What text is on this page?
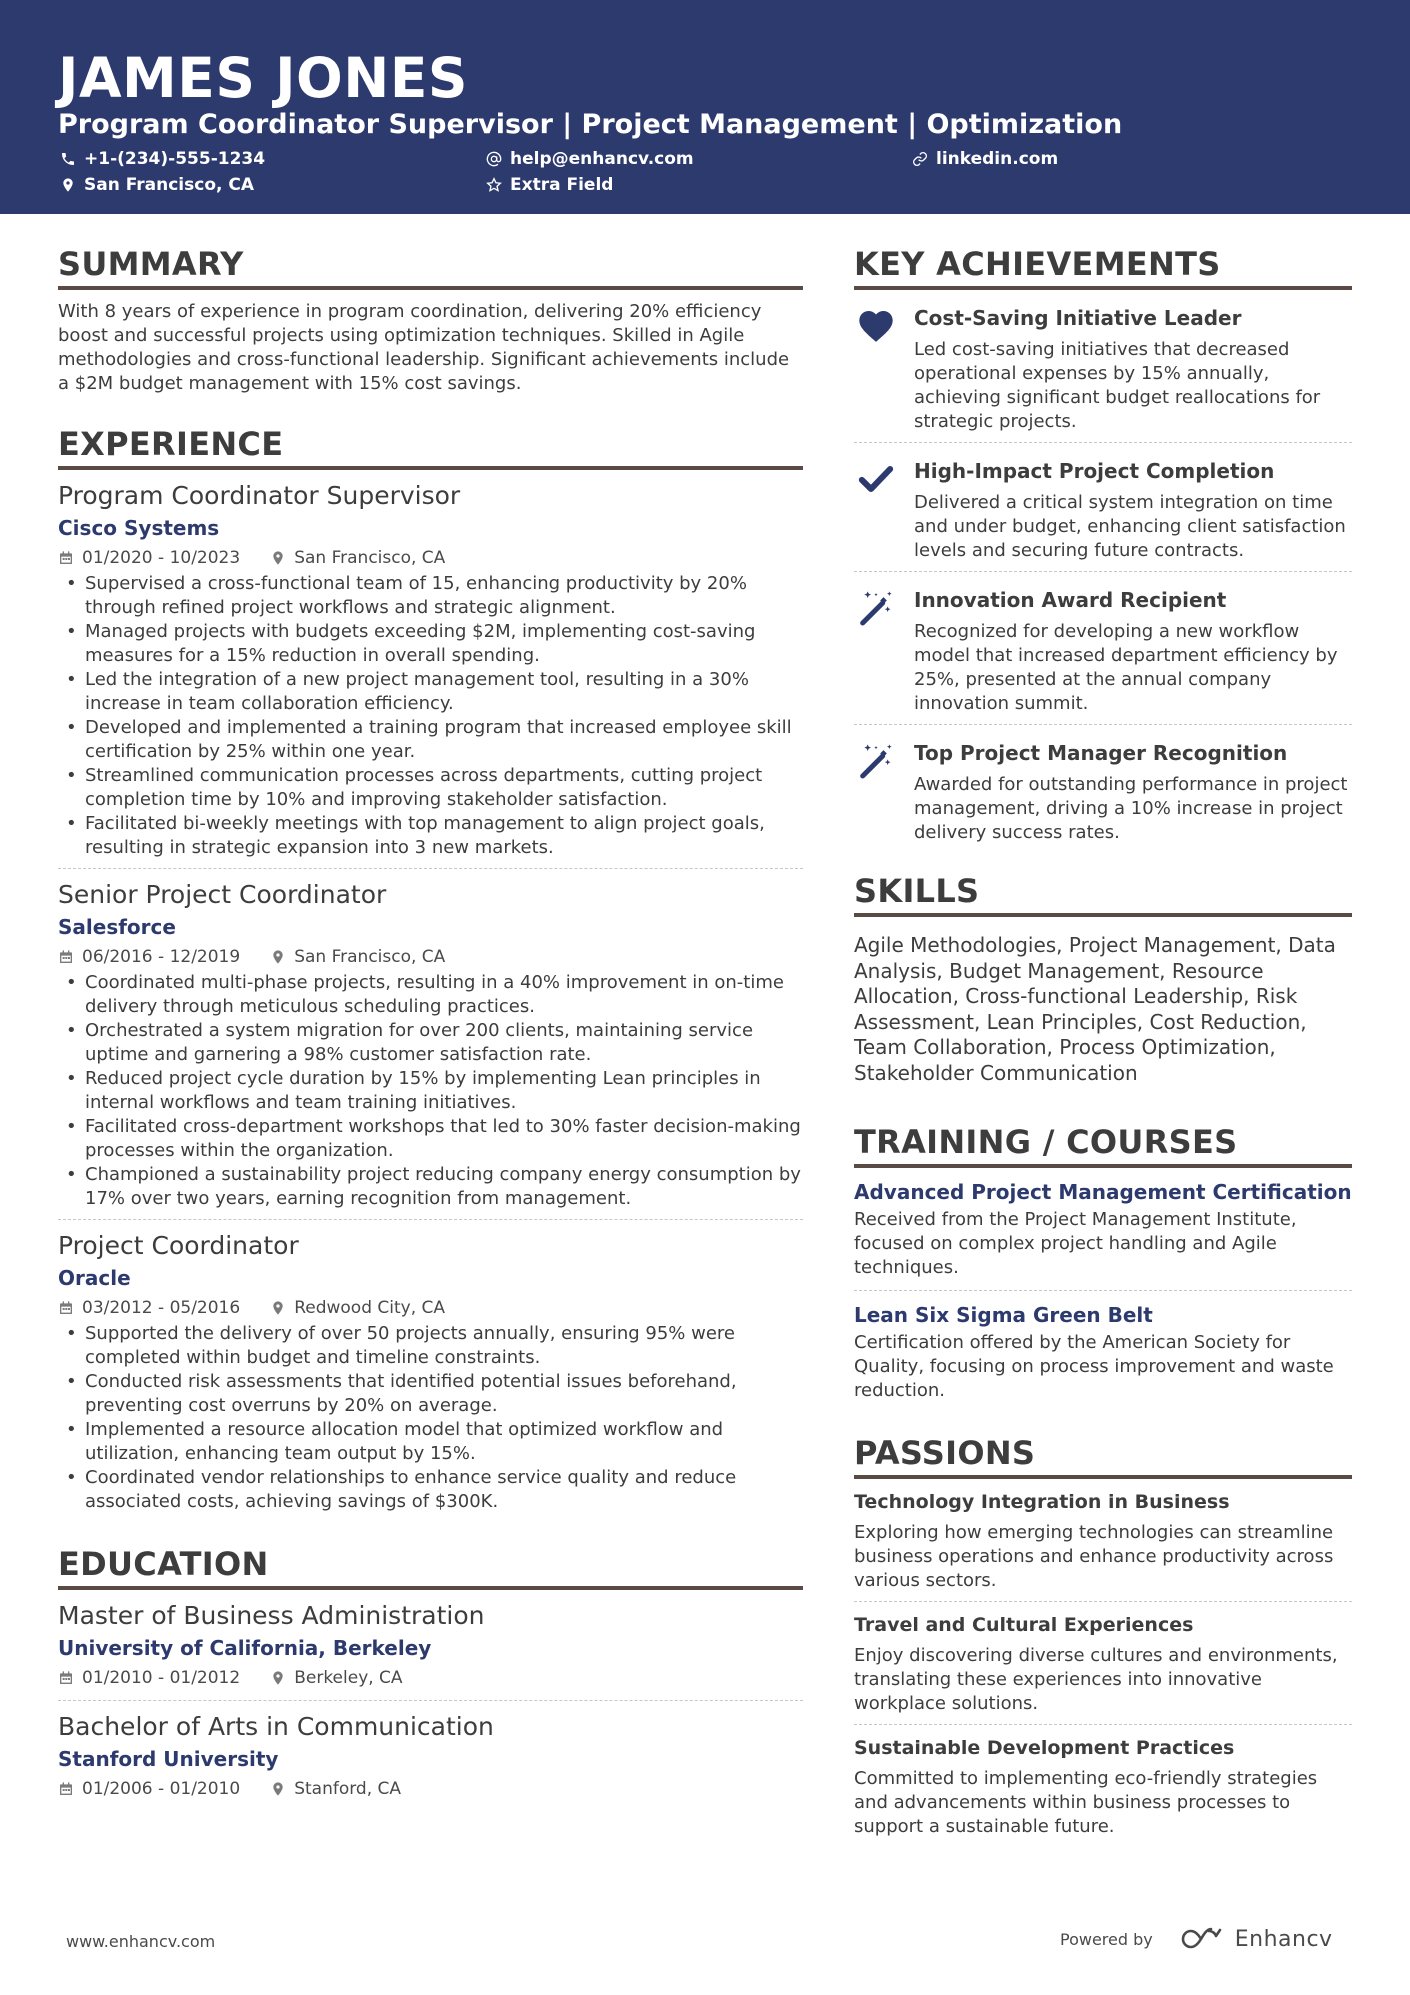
JAMES JONES
Program Coordinator Supervisor | Project Management | Optimization
+1-(234)-555-1234	help@enhancv.com	linkedin.com
San Francisco, CA	Extra Field
SUMMARY
With 8 years of experience in program coordination, delivering 20% efficiency boost and successful projects using optimization techniques. Skilled in Agile methodologies and cross-functional leadership. Significant achievements include a $2M budget management with 15% cost savings.
EXPERIENCE
Program Coordinator Supervisor
Cisco Systems
01/2020 - 10/2023	San Francisco, CA
• Supervised a cross-functional team of 15, enhancing productivity by 20% through refined project workflows and strategic alignment.
• Managed projects with budgets exceeding $2M, implementing cost-saving measures for a 15% reduction in overall spending.
• Led the integration of a new project management tool, resulting in a 30% increase in team collaboration efficiency.
• Developed and implemented a training program that increased employee skill certification by 25% within one year.
• Streamlined communication processes across departments, cutting project completion time by 10% and improving stakeholder satisfaction.
• Facilitated bi-weekly meetings with top management to align project goals, resulting in strategic expansion into 3 new markets.
Senior Project Coordinator
Salesforce
06/2016 - 12/2019	San Francisco, CA
• Coordinated multi-phase projects, resulting in a 40% improvement in on-time delivery through meticulous scheduling practices.
• Orchestrated a system migration for over 200 clients, maintaining service uptime and garnering a 98% customer satisfaction rate.
• Reduced project cycle duration by 15% by implementing Lean principles in internal workflows and team training initiatives.
• Facilitated cross-department workshops that led to 30% faster decision-making processes within the organization.
• Championed a sustainability project reducing company energy consumption by 17% over two years, earning recognition from management.
Project Coordinator
Oracle
03/2012 - 05/2016	Redwood City, CA
• Supported the delivery of over 50 projects annually, ensuring 95% were completed within budget and timeline constraints.
• Conducted risk assessments that identified potential issues beforehand, preventing cost overruns by 20% on average.
• Implemented a resource allocation model that optimized workflow and utilization, enhancing team output by 15%.
• Coordinated vendor relationships to enhance service quality and reduce associated costs, achieving savings of $300K.
EDUCATION
Master of Business Administration
University of California, Berkeley
01/2010 - 01/2012	Berkeley, CA
Bachelor of Arts in Communication
Stanford University
01/2006 - 01/2010	Stanford, CA
KEY ACHIEVEMENTS
Cost-Saving Initiative Leader
Led cost-saving initiatives that decreased operational expenses by 15% annually, achieving significant budget reallocations for strategic projects.
High-Impact Project Completion
Delivered a critical system integration on time and under budget, enhancing client satisfaction levels and securing future contracts.
Innovation Award Recipient
Recognized for developing a new workflow model that increased department efficiency by 25%, presented at the annual company innovation summit.
Top Project Manager Recognition
Awarded for outstanding performance in project management, driving a 10% increase in project delivery success rates.
SKILLS
Agile Methodologies, Project Management, Data Analysis, Budget Management, Resource Allocation, Cross-functional Leadership, Risk Assessment, Lean Principles, Cost Reduction, Team Collaboration, Process Optimization, Stakeholder Communication
TRAINING / COURSES
Advanced Project Management Certification
Received from the Project Management Institute, focused on complex project handling and Agile techniques.
Lean Six Sigma Green Belt
Certification offered by the American Society for Quality, focusing on process improvement and waste reduction.
PASSIONS
Technology Integration in Business
Exploring how emerging technologies can streamline business operations and enhance productivity across various sectors.
Travel and Cultural Experiences
Enjoy discovering diverse cultures and environments, translating these experiences into innovative workplace solutions.
Sustainable Development Practices
Committed to implementing eco-friendly strategies and advancements within business processes to support a sustainable future.
www.enhancv.com	Powered by	Enhancv
